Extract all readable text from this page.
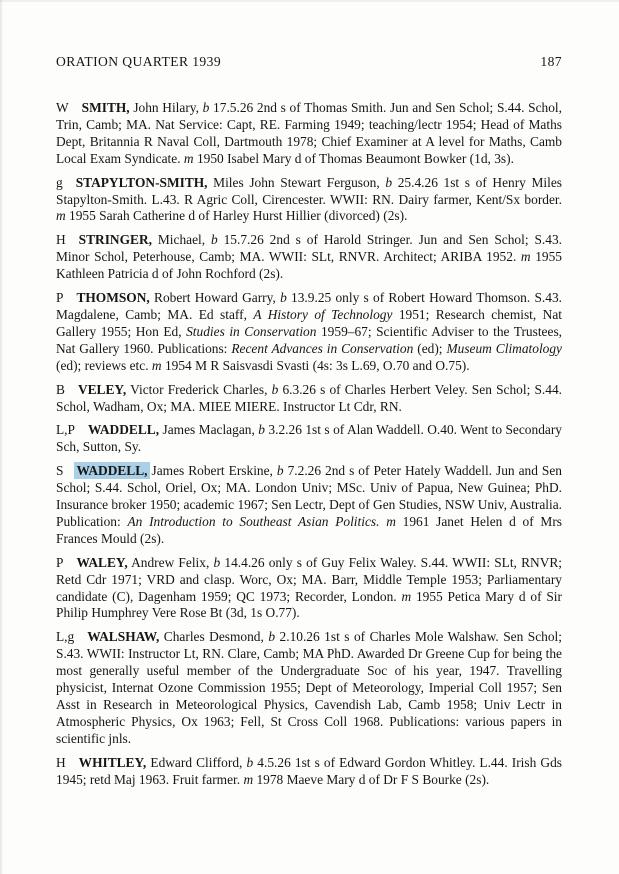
ORATION QUARTER 1939	187

W SMITH, John Hilary, b 17.5.26 2nd s of Thomas Smith. Jun and Sen Schol; S.44. Schol, Trin, Camb; MA. Nat Service: Capt, RE. Farming 1949; teaching/lectr 1954; Head of Maths Dept, Britannia R Naval Coll, Dartmouth 1978; Chief Examiner at A level for Maths, Camb Local Exam Syndicate. m 1950 Isabel Mary d of Thomas Beaumont Bowker (1d, 3s).

g STAPYLTON-SMITH, Miles John Stewart Ferguson, b 25.4.26 1st s of Henry Miles Stapylton-Smith. L.43. R Agric Coll, Cirencester. WWII: RN. Dairy farmer, Kent/Sx border. m 1955 Sarah Catherine d of Harley Hurst Hillier (divorced) (2s).

H STRINGER, Michael, b 15.7.26 2nd s of Harold Stringer. Jun and Sen Schol; S.43. Minor Schol, Peterhouse, Camb; MA. WWII: SLt, RNVR. Architect; ARIBA 1952. m 1955 Kathleen Patricia d of John Rochford (2s).

P THOMSON, Robert Howard Garry, b 13.9.25 only s of Robert Howard Thomson. S.43. Magdalene, Camb; MA. Ed staff, A History of Technology 1951; Research chemist, Nat Gallery 1955; Hon Ed, Studies in Conservation 1959–67; Scientific Adviser to the Trustees, Nat Gallery 1960. Publications: Recent Advances in Conservation (ed); Museum Climatology (ed); reviews etc. m 1954 M R Saisvasdi Svasti (4s: 3s L.69, O.70 and O.75).

B VELEY, Victor Frederick Charles, b 6.3.26 s of Charles Herbert Veley. Sen Schol; S.44. Schol, Wadham, Ox; MA. MIEE MIERE. Instructor Lt Cdr, RN.

L,P WADDELL, James Maclagan, b 3.2.26 1st s of Alan Waddell. O.40. Went to Secondary Sch, Sutton, Sy.

S WADDELL, James Robert Erskine, b 7.2.26 2nd s of Peter Hately Waddell. Jun and Sen Schol; S.44. Schol, Oriel, Ox; MA. London Univ; MSc. Univ of Papua, New Guinea; PhD. Insurance broker 1950; academic 1967; Sen Lectr, Dept of Gen Studies, NSW Univ, Australia. Publication: An Introduction to Southeast Asian Politics. m 1961 Janet Helen d of Mrs Frances Mould (2s).

P WALEY, Andrew Felix, b 14.4.26 only s of Guy Felix Waley. S.44. WWII: SLt, RNVR; Retd Cdr 1971; VRD and clasp. Worc, Ox; MA. Barr, Middle Temple 1953; Parliamentary candidate (C), Dagenham 1959; QC 1973; Recorder, London. m 1955 Petica Mary d of Sir Philip Humphrey Vere Rose Bt (3d, 1s O.77).

L,g WALSHAW, Charles Desmond, b 2.10.26 1st s of Charles Mole Walshaw. Sen Schol; S.43. WWII: Instructor Lt, RN. Clare, Camb; MA PhD. Awarded Dr Greene Cup for being the most generally useful member of the Undergraduate Soc of his year, 1947. Travelling physicist, Internat Ozone Commission 1955; Dept of Meteorology, Imperial Coll 1957; Sen Asst in Research in Meteorological Physics, Cavendish Lab, Camb 1958; Univ Lectr in Atmospheric Physics, Ox 1963; Fell, St Cross Coll 1968. Publications: various papers in scientific jnls.

H WHITLEY, Edward Clifford, b 4.5.26 1st s of Edward Gordon Whitley. L.44. Irish Gds 1945; retd Maj 1963. Fruit farmer. m 1978 Maeve Mary d of Dr F S Bourke (2s).
